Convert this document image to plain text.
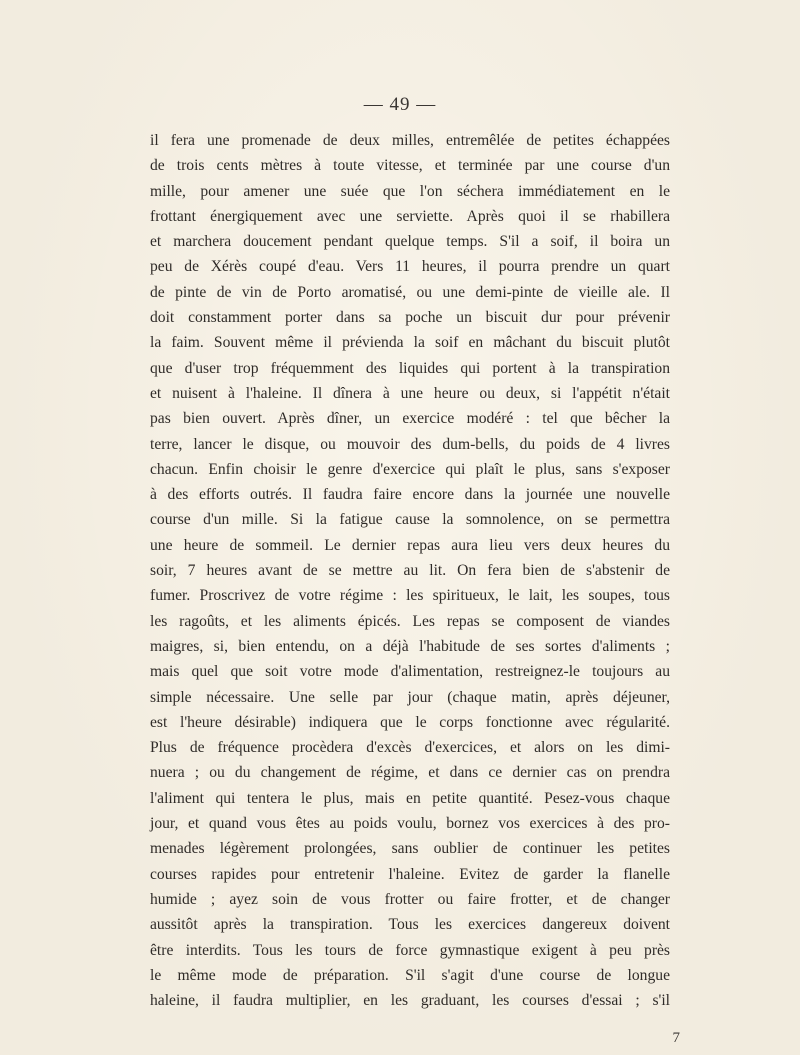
— 49 —
il fera une promenade de deux milles, entremêlée de petites échappées
de trois cents mètres à toute vitesse, et terminée par une course d'un
mille, pour amener une suée que l'on séchera immédiatement en le
frottant énergiquement avec une serviette. Après quoi il se rhabillera
et marchera doucement pendant quelque temps. S'il a soif, il boira un
peu de Xérès coupé d'eau. Vers 11 heures, il pourra prendre un quart
de pinte de vin de Porto aromatisé, ou une demi-pinte de vieille ale. Il
doit constamment porter dans sa poche un biscuit dur pour prévenir
la faim. Souvent même il prévienda la soif en mâchant du biscuit plutôt
que d'user trop fréquemment des liquides qui portent à la transpiration
et nuisent à l'haleine. Il dînera à une heure ou deux, si l'appétit n'était
pas bien ouvert. Après dîner, un exercice modéré : tel que bêcher la
terre, lancer le disque, ou mouvoir des dum-bells, du poids de 4 livres
chacun. Enfin choisir le genre d'exercice qui plaît le plus, sans s'exposer
à des efforts outrés. Il faudra faire encore dans la journée une nouvelle
course d'un mille. Si la fatigue cause la somnolence, on se permettra
une heure de sommeil. Le dernier repas aura lieu vers deux heures du
soir, 7 heures avant de se mettre au lit. On fera bien de s'abstenir de
fumer. Proscrivez de votre régime : les spiritueux, le lait, les soupes, tous
les ragoûts, et les aliments épicés. Les repas se composent de viandes
maigres, si, bien entendu, on a déjà l'habitude de ses sortes d'aliments ;
mais quel que soit votre mode d'alimentation, restreignez-le toujours au
simple nécessaire. Une selle par jour (chaque matin, après déjeuner,
est l'heure désirable) indiquera que le corps fonctionne avec régularité.
Plus de fréquence procèdera d'excès d'exercices, et alors on les dimi-
nuera ; ou du changement de régime, et dans ce dernier cas on prendra
l'aliment qui tentera le plus, mais en petite quantité. Pesez-vous chaque
jour, et quand vous êtes au poids voulu, bornez vos exercices à des pro-
menades légèrement prolongées, sans oublier de continuer les petites
courses rapides pour entretenir l'haleine. Evitez de garder la flanelle
humide ; ayez soin de vous frotter ou faire frotter, et de changer
aussitôt après la transpiration. Tous les exercices dangereux doivent
être interdits. Tous les tours de force gymnastique exigent à peu près
le même mode de préparation. S'il s'agit d'une course de longue
haleine, il faudra multiplier, en les graduant, les courses d'essai ; s'il
7
